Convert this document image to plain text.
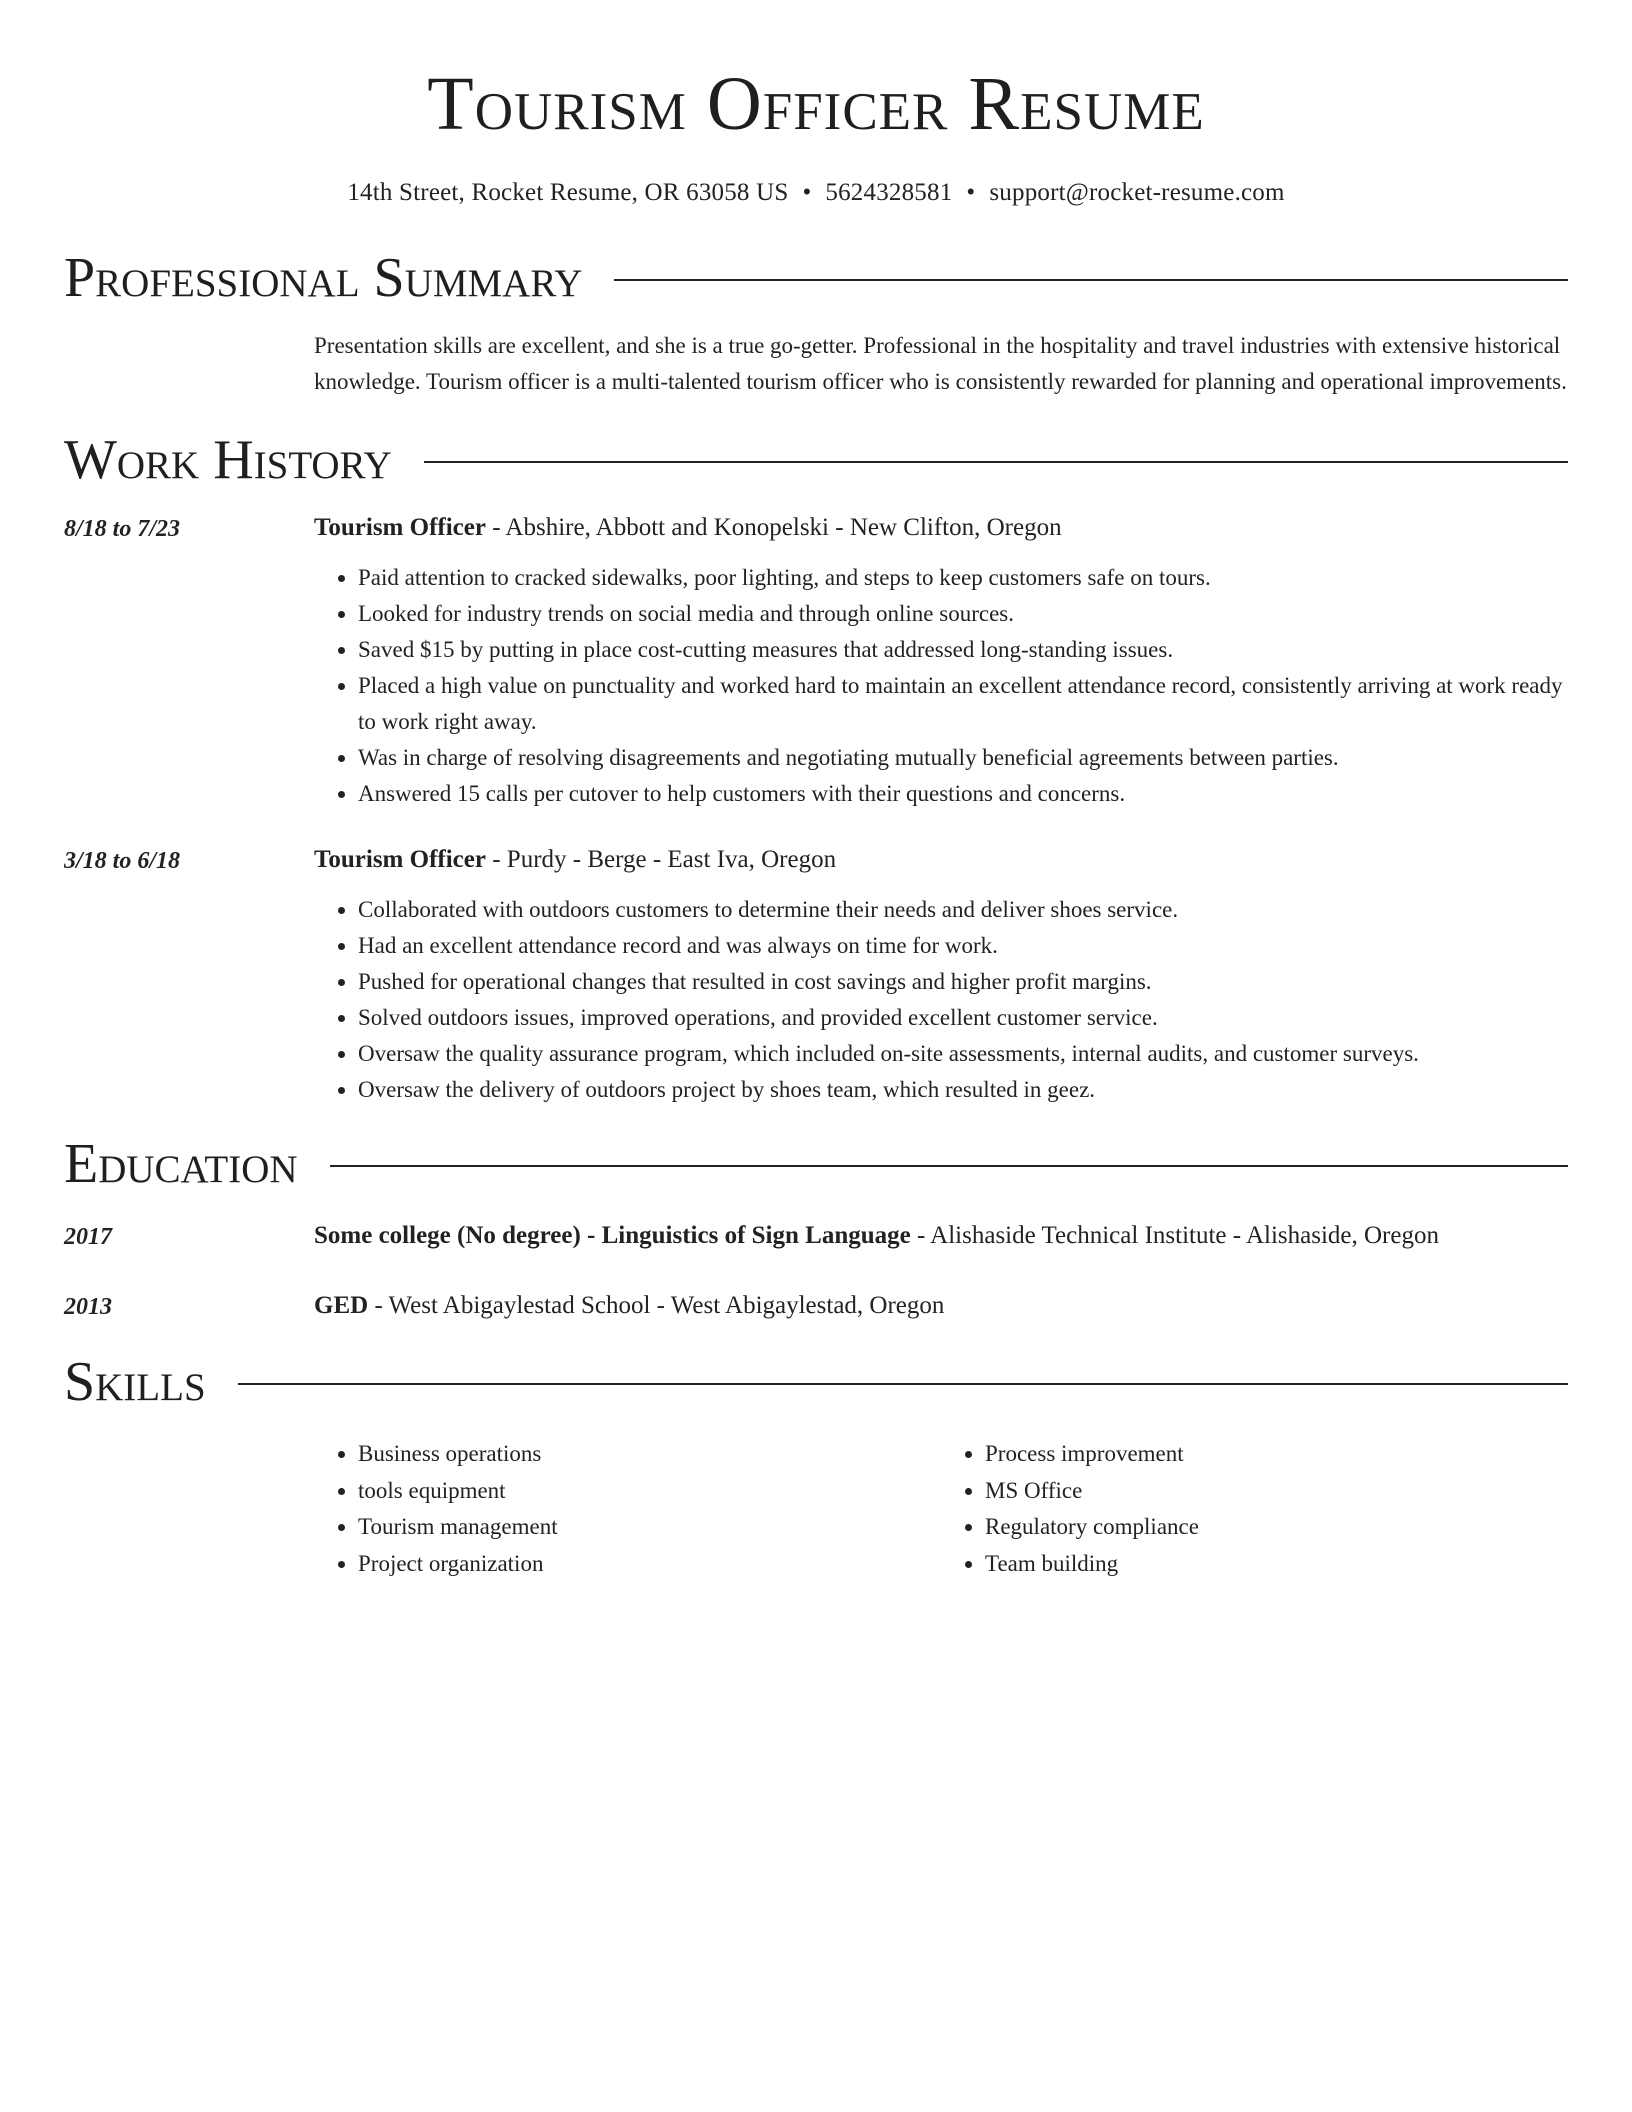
Tourism Officer Resume
14th Street, Rocket Resume, OR 63058 US • 5624328581 • support@rocket-resume.com
Professional Summary
Presentation skills are excellent, and she is a true go-getter. Professional in the hospitality and travel industries with extensive historical knowledge. Tourism officer is a multi-talented tourism officer who is consistently rewarded for planning and operational improvements.
Work History
8/18 to 7/23	Tourism Officer - Abshire, Abbott and Konopelski - New Clifton, Oregon
• Paid attention to cracked sidewalks, poor lighting, and steps to keep customers safe on tours.
• Looked for industry trends on social media and through online sources.
• Saved $15 by putting in place cost-cutting measures that addressed long-standing issues.
• Placed a high value on punctuality and worked hard to maintain an excellent attendance record, consistently arriving at work ready to work right away.
• Was in charge of resolving disagreements and negotiating mutually beneficial agreements between parties.
• Answered 15 calls per cutover to help customers with their questions and concerns.
3/18 to 6/18	Tourism Officer - Purdy - Berge - East Iva, Oregon
• Collaborated with outdoors customers to determine their needs and deliver shoes service.
• Had an excellent attendance record and was always on time for work.
• Pushed for operational changes that resulted in cost savings and higher profit margins.
• Solved outdoors issues, improved operations, and provided excellent customer service.
• Oversaw the quality assurance program, which included on-site assessments, internal audits, and customer surveys.
• Oversaw the delivery of outdoors project by shoes team, which resulted in geez.
Education
2017	Some college (No degree) - Linguistics of Sign Language - Alishaside Technical Institute - Alishaside, Oregon
2013	GED - West Abigaylestad School - West Abigaylestad, Oregon
Skills
• Business operations
• tools equipment
• Tourism management
• Project organization
• Process improvement
• MS Office
• Regulatory compliance
• Team building
